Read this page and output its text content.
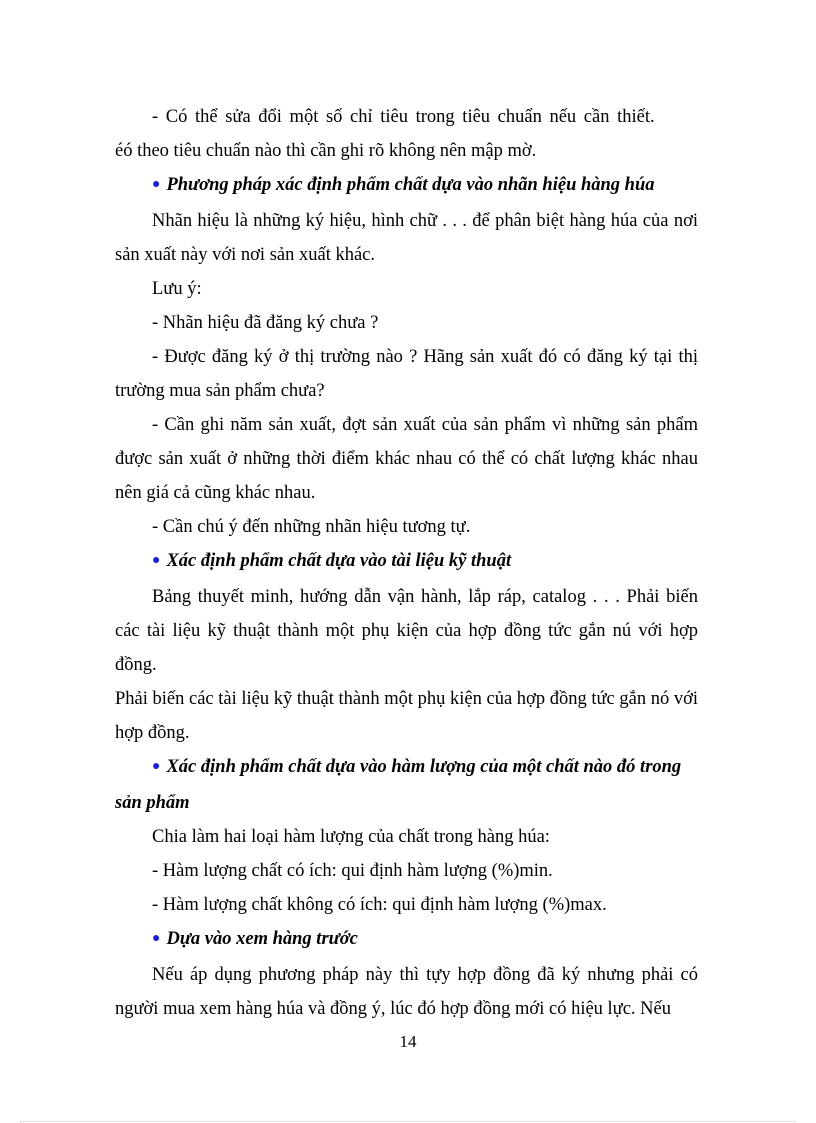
- Có thể sửa đổi một số chỉ tiêu trong tiêu chuẩn nếu cần thiết.

éó theo tiêu chuẩn nào thì cần ghi rõ không nên mập mờ.

● Phương pháp xác định phẩm chất dựa vào nhãn hiệu hàng húa

Nhãn hiệu là những ký hiệu, hình chữ . . . để phân biệt hàng húa của nơi sản xuất này với nơi sản xuất khác.

Lưu ý:

- Nhãn hiệu đã đăng ký chưa ?

- Được đăng ký ở thị trường nào ? Hãng sản xuất đó có đăng ký tại thị trường mua sản phẩm chưa?

- Cần ghi năm sản xuất, đợt sản xuất của sản phẩm vì những sản phẩm được sản xuất ở những thời điểm khác nhau có thể có chất lượng khác nhau nên giá cả cũng khác nhau.

- Cần chú ý đến những nhãn hiệu tương tự.

● Xác định phẩm chất dựa vào tài liệu kỹ thuật

Bảng thuyết minh, hướng dẫn vận hành, lắp ráp, catalog . . . Phải biến các tài liệu kỹ thuật thành một phụ kiện của hợp đồng tức gắn nú với hợp đồng.

Phải biến các tài liệu kỹ thuật thành một phụ kiện của hợp đồng tức gắn nó với hợp đồng.

● Xác định phẩm chất dựa vào hàm lượng của một chất nào đó trong sản phẩm

Chia làm hai loại hàm lượng của chất trong hàng húa:

- Hàm lượng chất có ích: qui định hàm lượng (%)min.

- Hàm lượng chất không có ích: qui định hàm lượng (%)max.

● Dựa vào xem hàng trước

Nếu áp dụng phương pháp này thì tựy hợp đồng đã ký nhưng phải có người mua xem hàng húa và đồng ý, lúc đó hợp đồng mới có hiệu lực. Nếu

14
